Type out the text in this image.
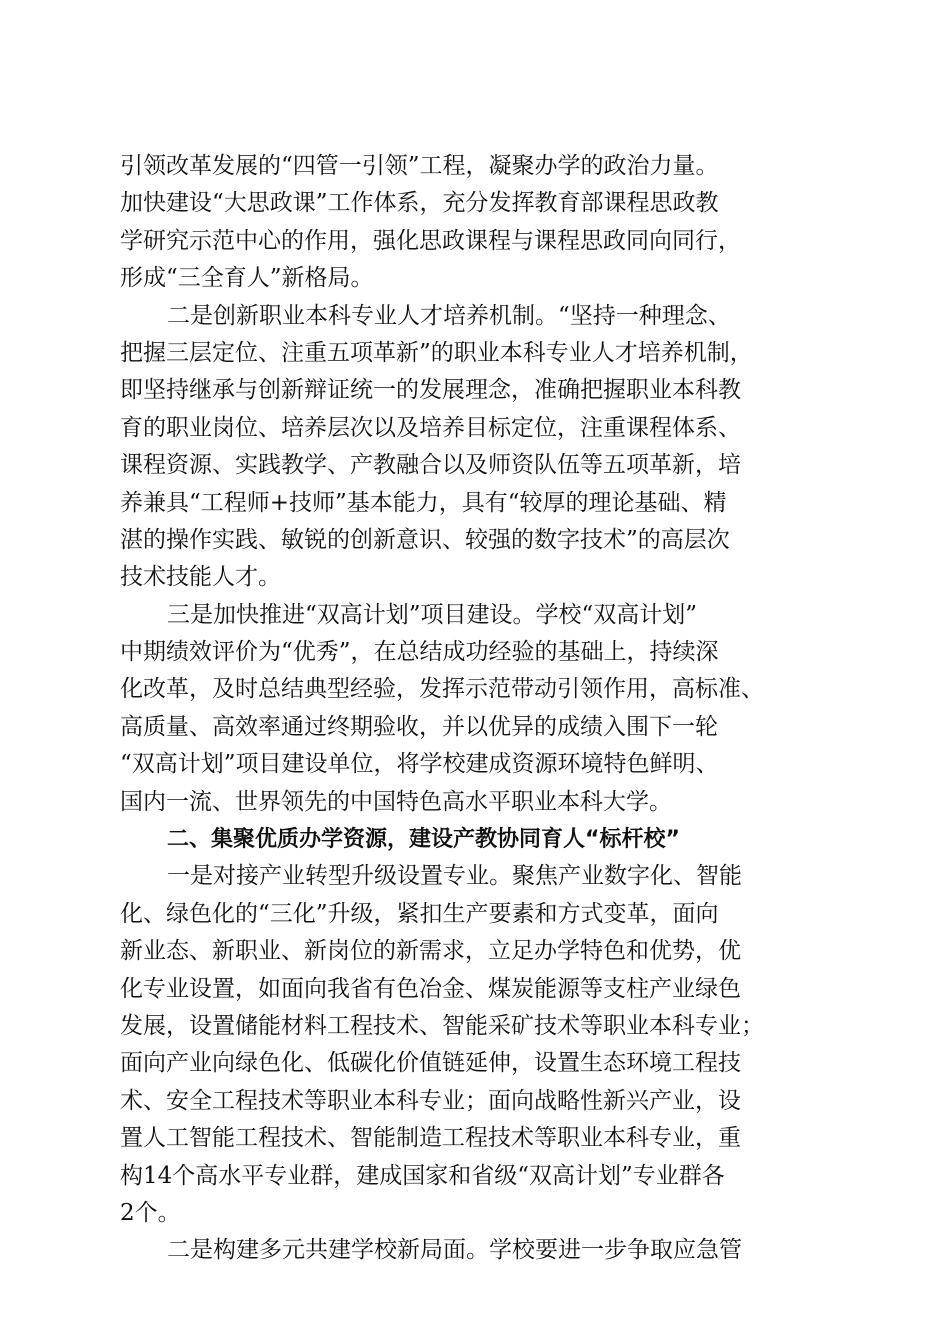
引领改革发展的“四管一引领”工程，凝聚办学的政治力量。
加快建设“大思政课”工作体系，充分发挥教育部课程思政教
学研究示范中心的作用，强化思政课程与课程思政同向同行，
形成“三全育人”新格局。
二是创新职业本科专业人才培养机制。“坚持一种理念、
把握三层定位、注重五项革新”的职业本科专业人才培养机制，
即坚持继承与创新辩证统一的发展理念，准确把握职业本科教
育的职业岗位、培养层次以及培养目标定位，注重课程体系、
课程资源、实践教学、产教融合以及师资队伍等五项革新，培
养兼具“工程师+技师”基本能力，具有“较厚的理论基础、精
湛的操作实践、敏锐的创新意识、较强的数字技术”的高层次
技术技能人才。
三是加快推进“双高计划”项目建设。学校“双高计划”
中期绩效评价为“优秀”，在总结成功经验的基础上，持续深
化改革，及时总结典型经验，发挥示范带动引领作用，高标准、
高质量、高效率通过终期验收，并以优异的成绩入围下一轮
“双高计划”项目建设单位，将学校建成资源环境特色鲜明、
国内一流、世界领先的中国特色高水平职业本科大学。
二、集聚优质办学资源，建设产教协同育人“标杆校”
一是对接产业转型升级设置专业。聚焦产业数字化、智能
化、绿色化的“三化”升级，紧扣生产要素和方式变革，面向
新业态、新职业、新岗位的新需求，立足办学特色和优势，优
化专业设置，如面向我省有色冶金、煤炭能源等支柱产业绿色
发展，设置储能材料工程技术、智能采矿技术等职业本科专业；
面向产业向绿色化、低碳化价值链延伸，设置生态环境工程技
术、安全工程技术等职业本科专业；面向战略性新兴产业，设
置人工智能工程技术、智能制造工程技术等职业本科专业，重
构14个高水平专业群，建成国家和省级“双高计划”专业群各
2个。
二是构建多元共建学校新局面。学校要进一步争取应急管
